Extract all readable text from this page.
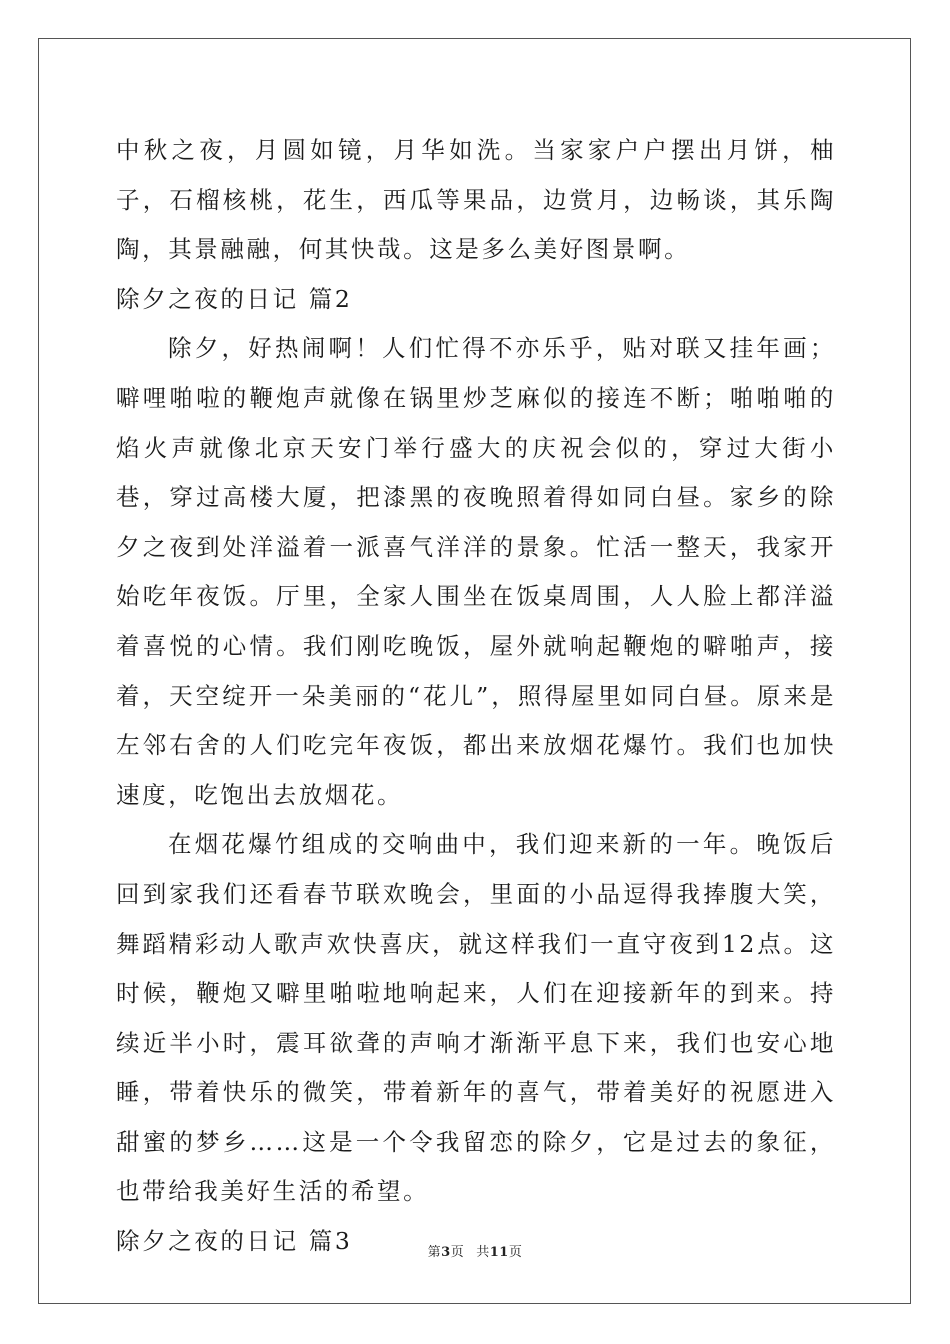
中秋之夜，月圆如镜，月华如洗。当家家户户摆出月饼，柚子，石榴核桃，花生，西瓜等果品，边赏月，边畅谈，其乐陶陶，其景融融，何其快哉。这是多么美好图景啊。

除夕之夜的日记 篇2

除夕，好热闹啊！人们忙得不亦乐乎，贴对联又挂年画；噼哩啪啦的鞭炮声就像在锅里炒芝麻似的接连不断；啪啪啪的焰火声就像北京天安门举行盛大的庆祝会似的，穿过大街小巷，穿过高楼大厦，把漆黑的夜晚照着得如同白昼。家乡的除夕之夜到处洋溢着一派喜气洋洋的景象。忙活一整天，我家开始吃年夜饭。厅里，全家人围坐在饭桌周围，人人脸上都洋溢着喜悦的心情。我们刚吃晚饭，屋外就响起鞭炮的噼啪声，接着，天空绽开一朵美丽的“花儿”，照得屋里如同白昼。原来是左邻右舍的人们吃完年夜饭，都出来放烟花爆竹。我们也加快速度，吃饱出去放烟花。

在烟花爆竹组成的交响曲中，我们迎来新的一年。晚饭后回到家我们还看春节联欢晚会，里面的小品逗得我捧腹大笑，舞蹈精彩动人歌声欢快喜庆，就这样我们一直守夜到12点。这时候，鞭炮又噼里啪啦地响起来，人们在迎接新年的到来。持续近半小时，震耳欲聋的声响才渐渐平息下来，我们也安心地睡，带着快乐的微笑，带着新年的喜气，带着美好的祝愿进入甜蜜的梦乡……这是一个令我留恋的除夕，它是过去的象征，也带给我美好生活的希望。

除夕之夜的日记 篇3	第3页 共11页
